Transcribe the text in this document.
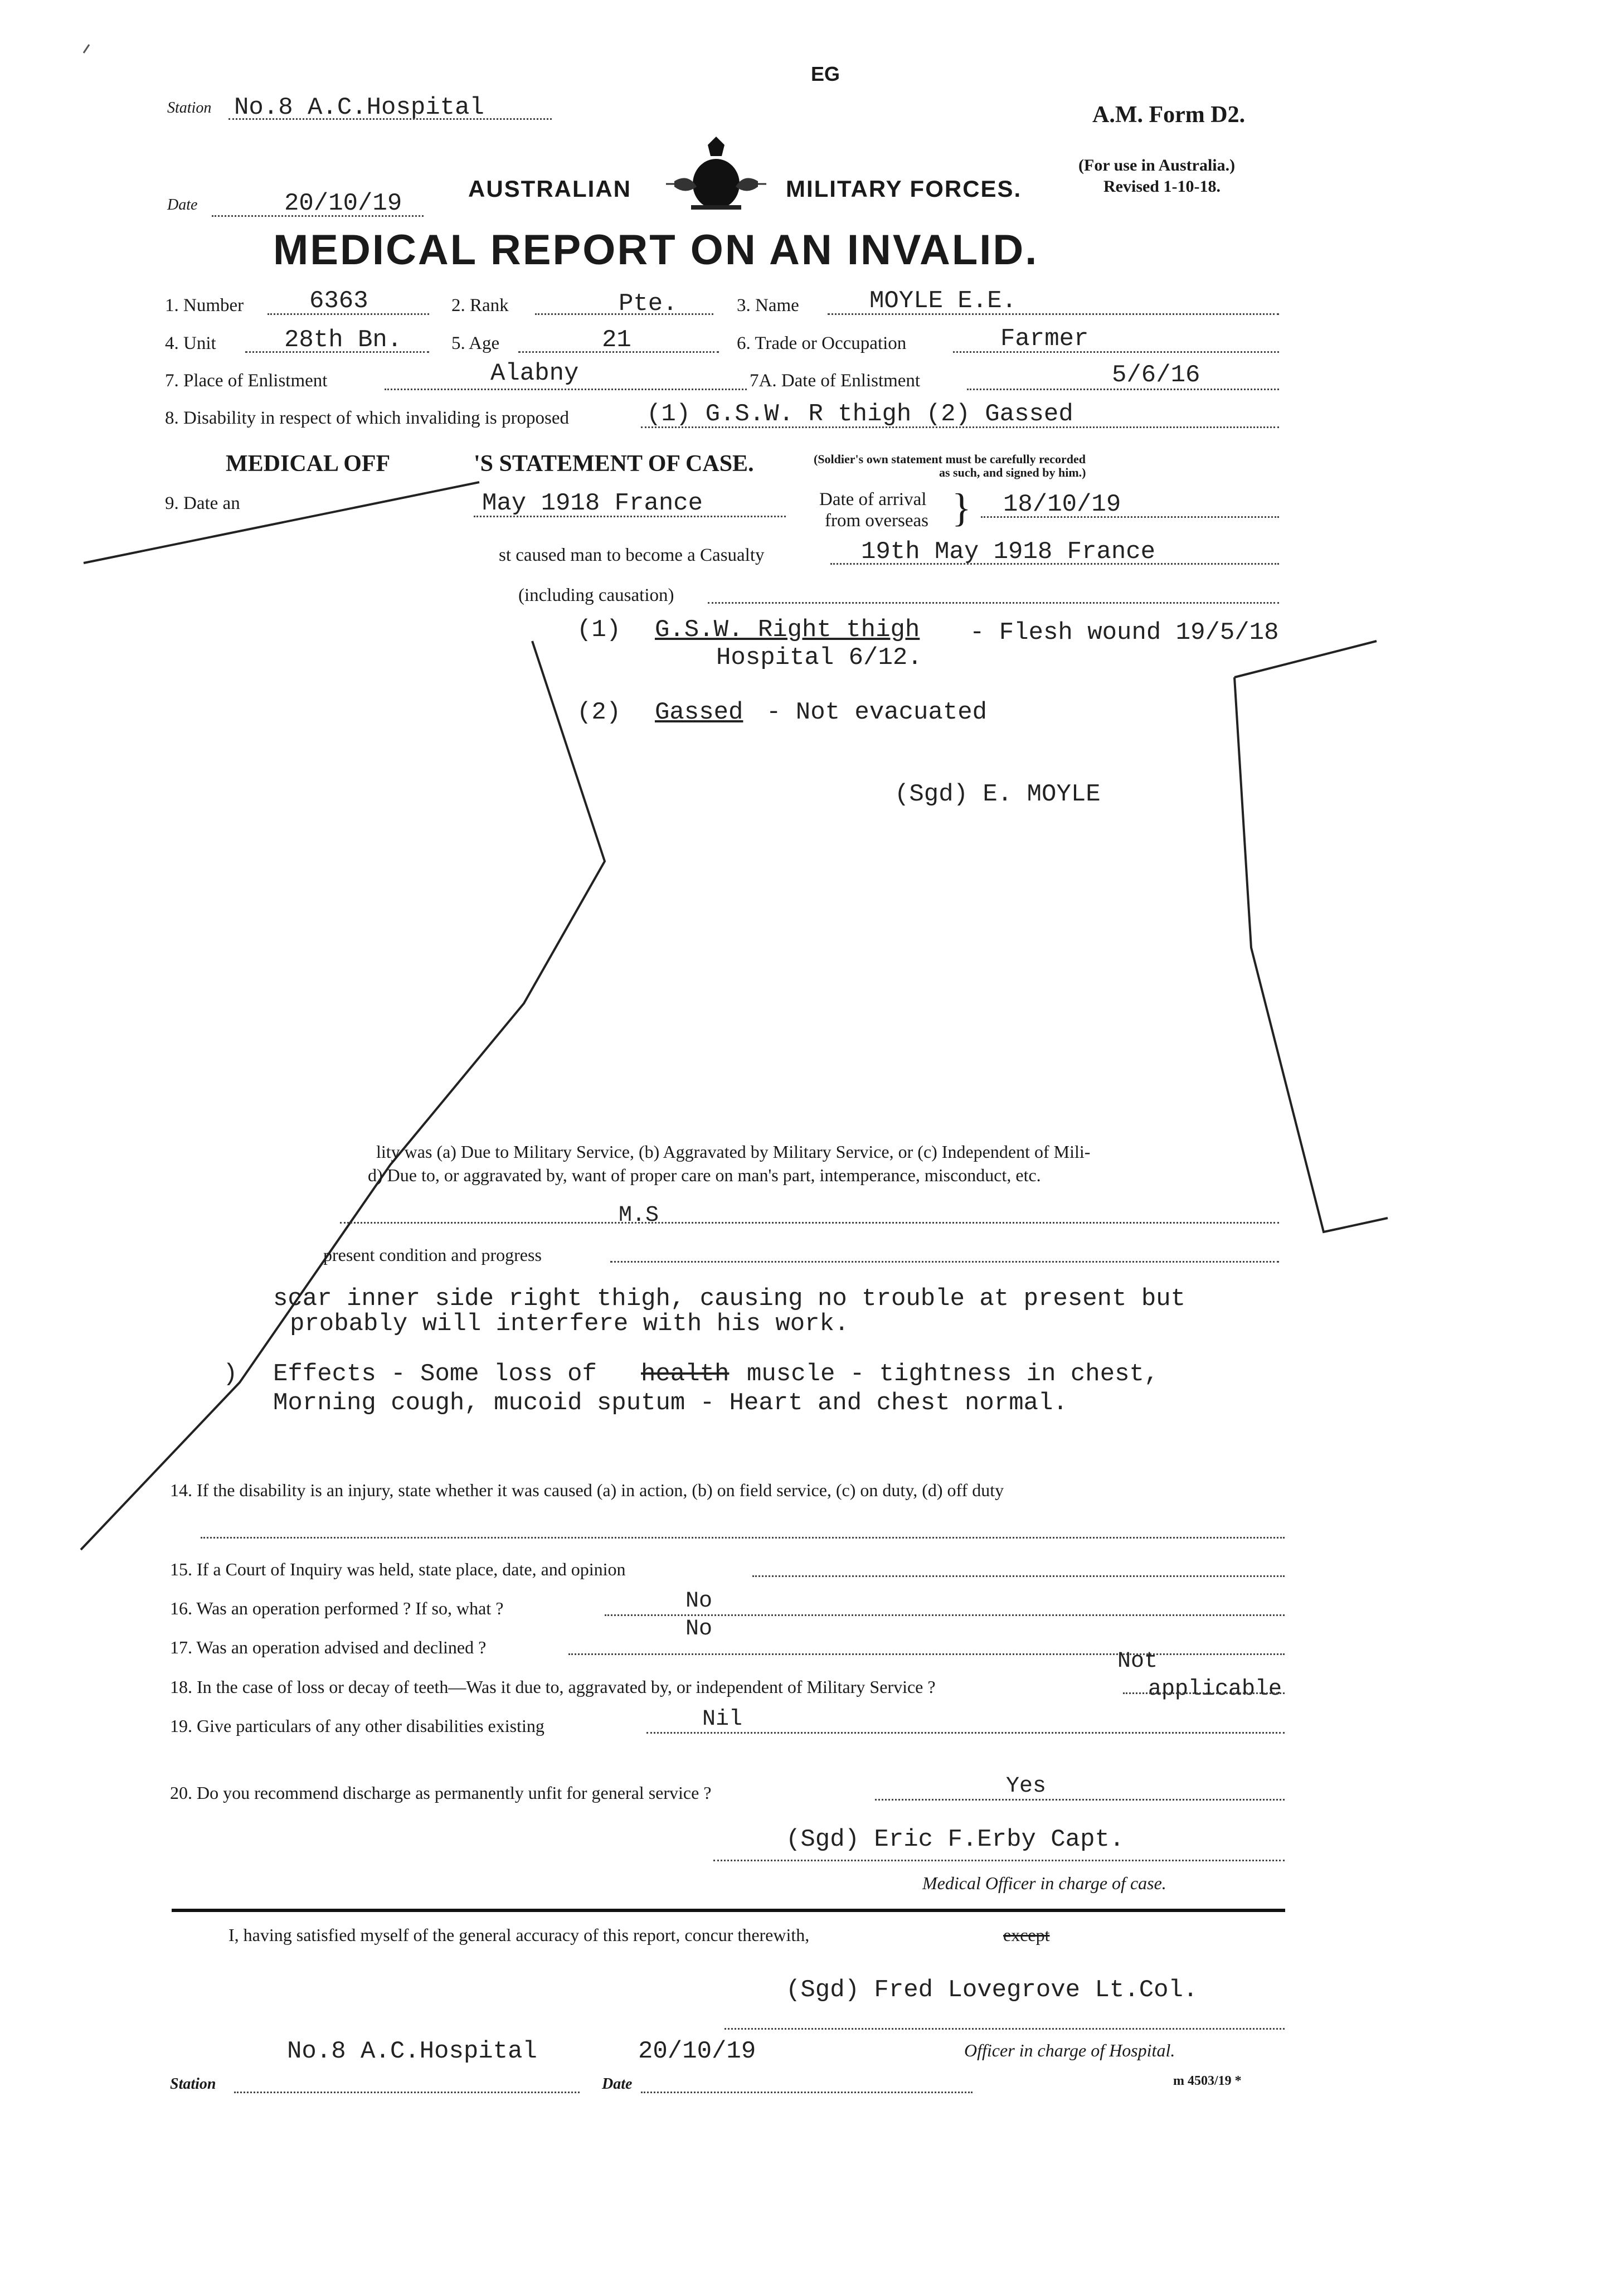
EG
Station No.8 A.C.Hospital
Date	20/10/19
A.M. Form D2.
(For use in Australia.)
Revised 1-10-18.
AUSTRALIAN	MILITARY FORCES.
MEDICAL REPORT ON AN INVALID.
1. Number	6363	2. Rank	Pte.	3. Name	MOYLE E.E.
4. Unit	28th Bn.	5. Age	21	6. Trade or Occupation	Farmer
7. Place of Enlistment	Alabny	7A. Date of Enlistment	5/6/16
8. Disability in respect of which invaliding is proposed	(1) G.S.W. R thigh (2) Gassed
MEDICAL OFF	'S STATEMENT OF CASE.	(Soldier's own statement must be carefully recorded
as such, and signed by him.)
9. Date an	May 1918 France	Date of arrival
from overseas } 18/10/19
st caused man to become a Casualty	19th May 1918 France
(including causation)
(1) G.S.W. Right thigh - Flesh wound 19/5/18
Hospital 6/12.
(2) Gassed - Not evacuated
(Sgd) E. MOYLE
lity was (a) Due to Military Service, (b) Aggravated by Military Service, or (c) Independent of Mili-
d) Due to, or aggravated by, want of proper care on man's part, intemperance, misconduct, etc.
M.S
present condition and progress
scar inner side right thigh, causing no trouble at present but
probably will interfere with his work.
) Effects - Some loss of health muscle - tightness in chest,
Morning cough, mucoid sputum - Heart and chest normal.
14. If the disability is an injury, state whether it was caused (a) in action, (b) on field service, (c) on duty, (d) off duty
15. If a Court of Inquiry was held, state place, date, and opinion
16. Was an operation performed ? If so, what ?	No
17. Was an operation advised and declined ?
No
18. In the case of loss or decay of teeth—Was it due to, aggravated by, or independent of Military Service ?
Not
applicable
19. Give particulars of any other disabilities existing	Nil
20. Do you recommend discharge as permanently unfit for general service ?	Yes
(Sgd) Eric F.Erby Capt.
Medical Officer in charge of case.
I, having satisfied myself of the general accuracy of this report, concur therewith,	except
(Sgd) Fred Lovegrove Lt.Col.
No.8 A.C.Hospital	20/10/19	Officer in charge of Hospital.
Station	Date	m 4503/19 *
